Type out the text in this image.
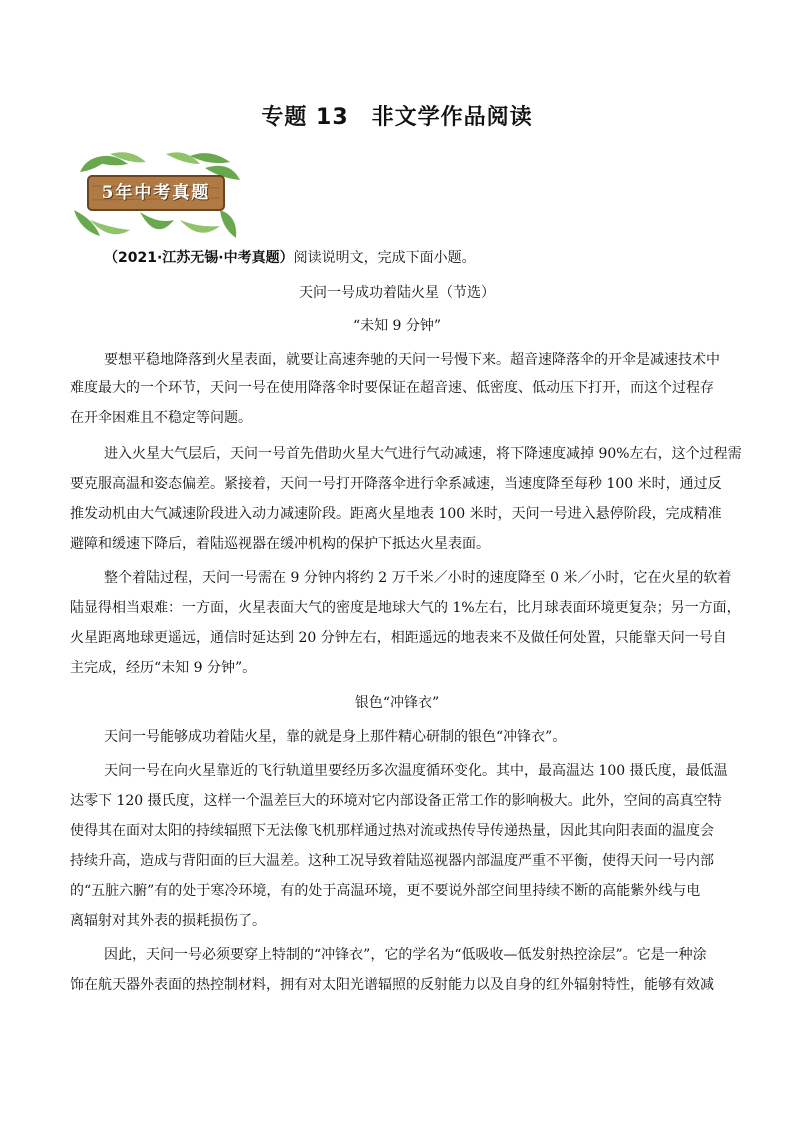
专题 13　非文学作品阅读
5年中考真题
（2021·江苏无锡·中考真题）阅读说明文，完成下面小题。
天问一号成功着陆火星（节选）
“未知 9 分钟”
要想平稳地降落到火星表面，就要让高速奔驰的天问一号慢下来。超音速降落伞的开伞是减速技术中
难度最大的一个环节，天问一号在使用降落伞时要保证在超音速、低密度、低动压下打开，而这个过程存
在开伞困难且不稳定等问题。
进入火星大气层后，天问一号首先借助火星大气进行气动减速，将下降速度减掉 90%左右，这个过程需
要克服高温和姿态偏差。紧接着，天问一号打开降落伞进行伞系减速，当速度降至每秒 100 米时，通过反
推发动机由大气减速阶段进入动力减速阶段。距离火星地表 100 米时，天问一号进入悬停阶段，完成精准
避障和缓速下降后，着陆巡视器在缓冲机构的保护下抵达火星表面。
整个着陆过程，天问一号需在 9 分钟内将约 2 万千米／小时的速度降至 0 米／小时，它在火星的软着
陆显得相当艰难：一方面，火星表面大气的密度是地球大气的 1%左右，比月球表面环境更复杂；另一方面，
火星距离地球更遥远，通信时延达到 20 分钟左右，相距遥远的地表来不及做任何处置，只能靠天问一号自
主完成，经历“未知 9 分钟”。
银色“冲锋衣”
天问一号能够成功着陆火星，靠的就是身上那件精心研制的银色“冲锋衣”。
天问一号在向火星靠近的飞行轨道里要经历多次温度循环变化。其中，最高温达 100 摄氏度，最低温
达零下 120 摄氏度，这样一个温差巨大的环境对它内部设备正常工作的影响极大。此外，空间的高真空特
使得其在面对太阳的持续辐照下无法像飞机那样通过热对流或热传导传递热量，因此其向阳表面的温度会
持续升高，造成与背阳面的巨大温差。这种工况导致着陆巡视器内部温度严重不平衡，使得天问一号内部
的“五脏六腑”有的处于寒冷环境，有的处于高温环境，更不要说外部空间里持续不断的高能紫外线与电
离辐射对其外表的损耗损伤了。
因此，天问一号必须要穿上特制的“冲锋衣”，它的学名为“低吸收—低发射热控涂层”。它是一种涂
饰在航天器外表面的热控制材料，拥有对太阳光谱辐照的反射能力以及自身的红外辐射特性，能够有效减
